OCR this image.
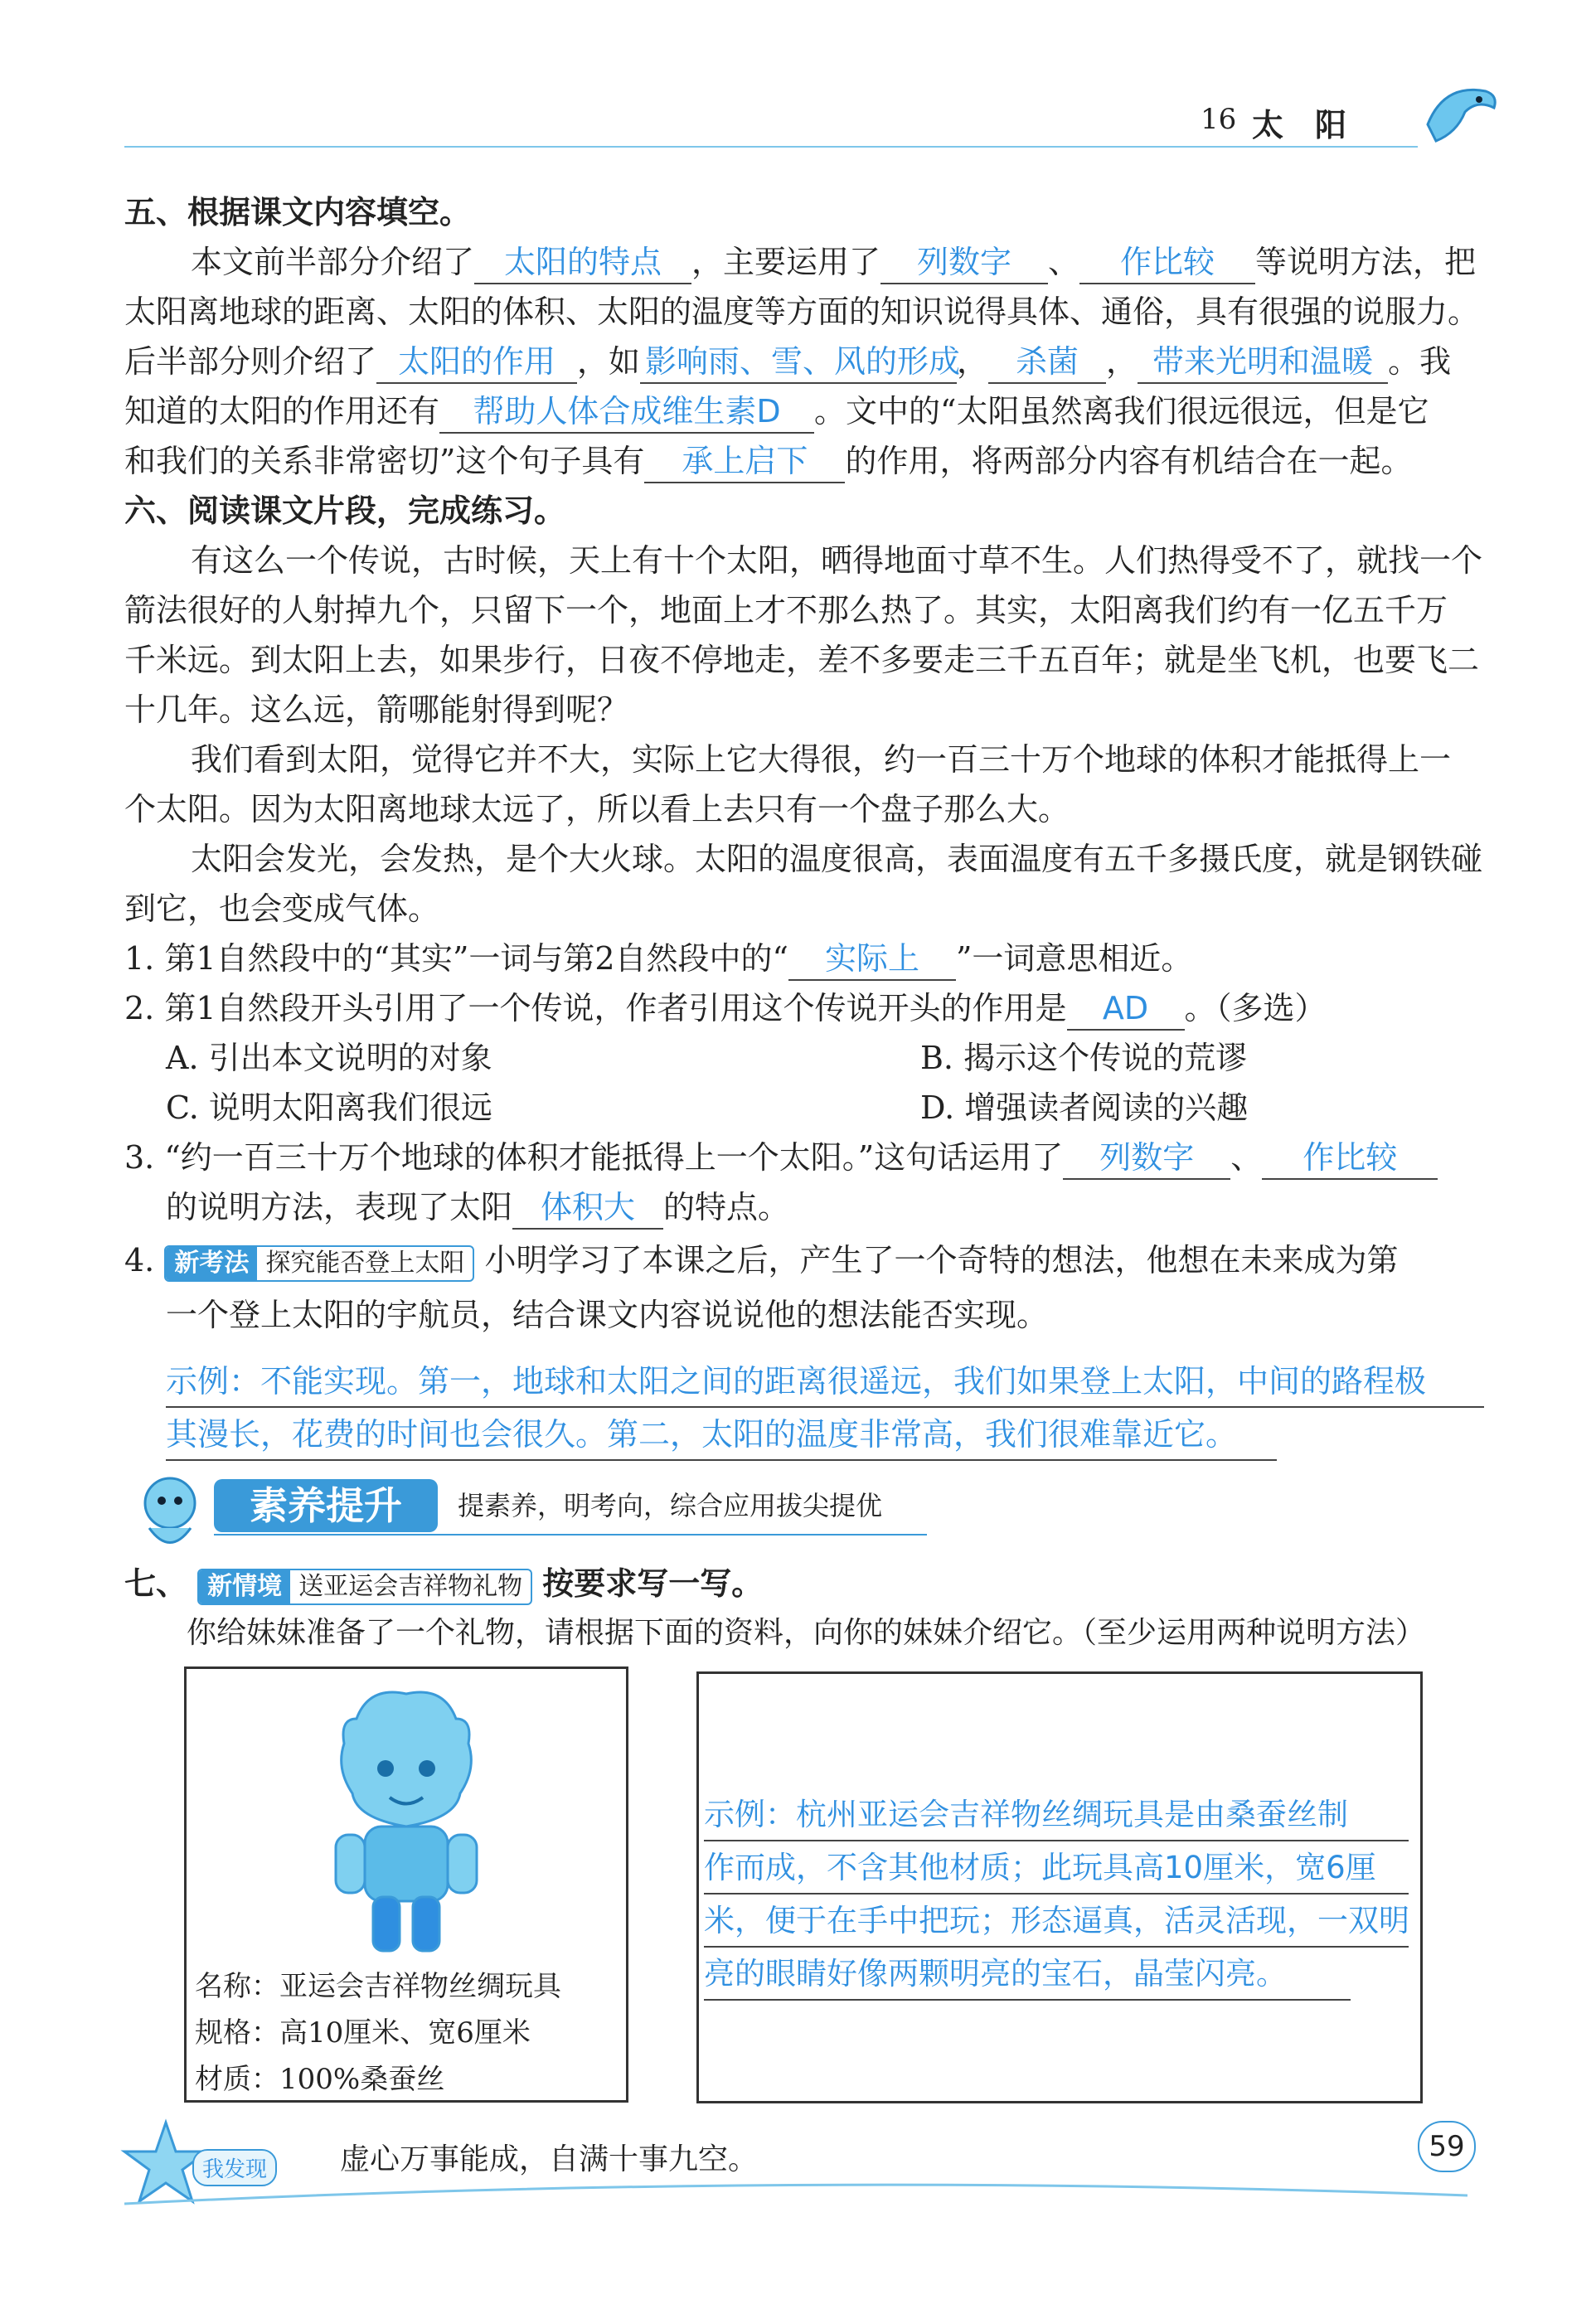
16 太　阳
五、根据课文内容填空。
本文前半部分介绍了 太阳的特点 ，主要运用了 列数字 、 作比较 等说明方法，把
太阳离地球的距离、太阳的体积、太阳的温度等方面的知识说得具体、通俗，具有很强的说服力。
后半部分则介绍了 太阳的作用 ，如 影响雨、雪、风的形成， 杀菌 ， 带来光明和温暖 。我
知道的太阳的作用还有 帮助人体合成维生素D 。文中的“太阳虽然离我们很远很远，但是它
和我们的关系非常密切”这个句子具有 承上启下 的作用，将两部分内容有机结合在一起。
六、阅读课文片段，完成练习。
有这么一个传说，古时候，天上有十个太阳，晒得地面寸草不生。人们热得受不了，就找一个
箭法很好的人射掉九个，只留下一个，地面上才不那么热了。其实，太阳离我们约有一亿五千万
千米远。到太阳上去，如果步行，日夜不停地走，差不多要走三千五百年；就是坐飞机，也要飞二
十几年。这么远，箭哪能射得到呢？
我们看到太阳，觉得它并不大，实际上它大得很，约一百三十万个地球的体积才能抵得上一
个太阳。因为太阳离地球太远了，所以看上去只有一个盘子那么大。
太阳会发光，会发热，是个大火球。太阳的温度很高，表面温度有五千多摄氏度，就是钢铁碰
到它，也会变成气体。
1. 第1自然段中的“其实”一词与第2自然段中的“ 实际上 ”一词意思相近。
2. 第1自然段开头引用了一个传说，作者引用这个传说开头的作用是 AD 。（多选）
A. 引出本文说明的对象	B. 揭示这个传说的荒谬
C. 说明太阳离我们很远	D. 增强读者阅读的兴趣
3. “约一百三十万个地球的体积才能抵得上一个太阳。”这句话运用了 列数字 、 作比较
的说明方法，表现了太阳 体积大 的特点。
4. 新考法 探究能否登上太阳 小明学习了本课之后，产生了一个奇特的想法，他想在未来成为第
一个登上太阳的宇航员，结合课文内容说说他的想法能否实现。
示例：不能实现。第一，地球和太阳之间的距离很遥远，我们如果登上太阳，中间的路程极
其漫长，花费的时间也会很久。第二，太阳的温度非常高，我们很难靠近它。
素养提升	提素养，明考向，综合应用拔尖提优
七、 新情境 送亚运会吉祥物礼物 按要求写一写。
你给妹妹准备了一个礼物，请根据下面的资料，向你的妹妹介绍它。（至少运用两种说明方法）
名称：亚运会吉祥物丝绸玩具
规格：高10厘米、宽6厘米
材质：100%桑蚕丝
示例：杭州亚运会吉祥物丝绸玩具是由桑蚕丝制
作而成，不含其他材质；此玩具高10厘米，宽6厘
米，便于在手中把玩；形态逼真，活灵活现，一双明
亮的眼睛好像两颗明亮的宝石，晶莹闪亮。
我发现	虚心万事能成，自满十事九空。	59
